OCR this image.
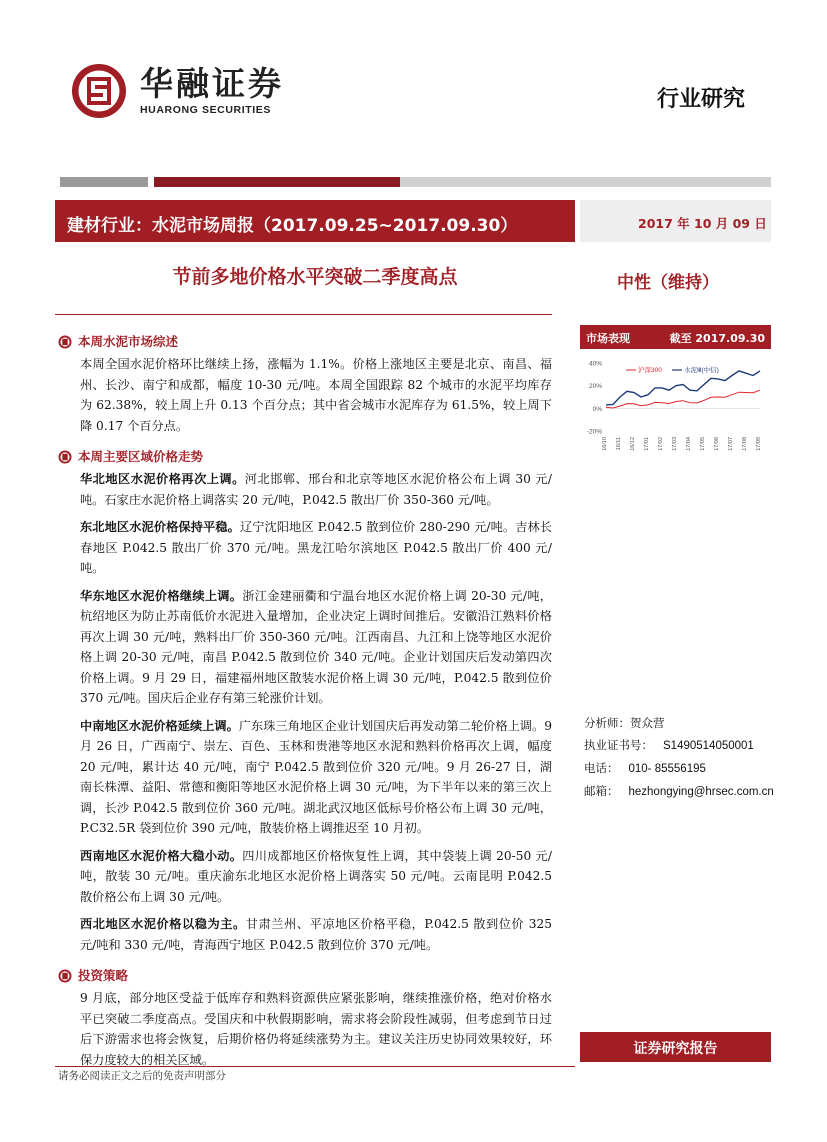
华融证券
HUARONG SECURITIES	行业研究
建材行业：水泥市场周报（2017.09.25~2017.09.30）	2017 年 10 月 09 日
节前多地价格水平突破二季度高点	中性（维持）
本周水泥市场综述

本周全国水泥价格环比继续上扬，涨幅为 1.1%。价格上涨地区主要是北京、南昌、福州、长沙、南宁和成都，幅度 10-30 元/吨。本周全国跟踪 82 个城市的水泥平均库存为 62.38%，较上周上升 0.13 个百分点；其中省会城市水泥库存为 61.5%，较上周下降 0.17 个百分点。

本周主要区域价格走势

华北地区水泥价格再次上调。河北邯郸、邢台和北京等地区水泥价格公布上调 30 元/吨。石家庄水泥价格上调落实 20 元/吨，P.042.5 散出厂价 350-360 元/吨。

东北地区水泥价格保持平稳。辽宁沈阳地区 P.042.5 散到位价 280-290 元/吨。吉林长春地区 P.042.5 散出厂价 370 元/吨。黑龙江哈尔滨地区 P.042.5 散出厂价 400 元/吨。

华东地区水泥价格继续上调。浙江金建丽衢和宁温台地区水泥价格上调 20-30 元/吨，杭绍地区为防止苏南低价水泥进入量增加，企业决定上调时间推后。安徽沿江熟料价格再次上调 30 元/吨，熟料出厂价 350-360 元/吨。江西南昌、九江和上饶等地区水泥价格上调 20-30 元/吨，南昌 P.042.5 散到位价 340 元/吨。企业计划国庆后发动第四次价格上调。9 月 29 日，福建福州地区散装水泥价格上调 30 元/吨，P.042.5 散到位价 370 元/吨。国庆后企业存有第三轮涨价计划。

中南地区水泥价格延续上调。广东珠三角地区企业计划国庆后再发动第二轮价格上调。9 月 26 日，广西南宁、崇左、百色、玉林和贵港等地区水泥和熟料价格再次上调，幅度 20 元/吨，累计达 40 元/吨，南宁 P.042.5 散到位价 320 元/吨。9 月 26-27 日，湖南长株潭、益阳、常德和衡阳等地区水泥价格上调 30 元/吨，为下半年以来的第三次上调，长沙 P.042.5 散到位价 360 元/吨。湖北武汉地区低标号价格公布上调 30 元/吨，P.C32.5R 袋到位价 390 元/吨，散装价格上调推迟至 10 月初。

西南地区水泥价格大稳小动。四川成都地区价格恢复性上调，其中袋装上调 20-50 元/吨，散装 30 元/吨。重庆渝东北地区水泥价格上调落实 50 元/吨。云南昆明 P.042.5 散价格公布上调 30 元/吨。

西北地区水泥价格以稳为主。甘肃兰州、平凉地区价格平稳，P.042.5 散到位价 325 元/吨和 330 元/吨，青海西宁地区 P.042.5 散到位价 370 元/吨。

投资策略

9 月底，部分地区受益于低库存和熟料资源供应紧张影响，继续推涨价格，绝对价格水平已突破二季度高点。受国庆和中秋假期影响，需求将会阶段性减弱，但考虑到节日过后下游需求也将会恢复，后期价格仍将延续涨势为主。建议关注历史协同效果较好，环保力度较大的相关区域。

市场表现	截至 2017.09.30
40%
20%
0%
-20%
16/10 16/11 16/12 17/01 17/02 17/03 17/04 17/05 17/06 17/07 17/08 17/09
沪深300	水泥Ⅲ(中信)
分析师：贺众营
执业证书号： S1490514050001
电话： 010- 85556195
邮箱： hezhongying@hrsec.com.cn
证券研究报告
请务必阅读正文之后的免责声明部分
